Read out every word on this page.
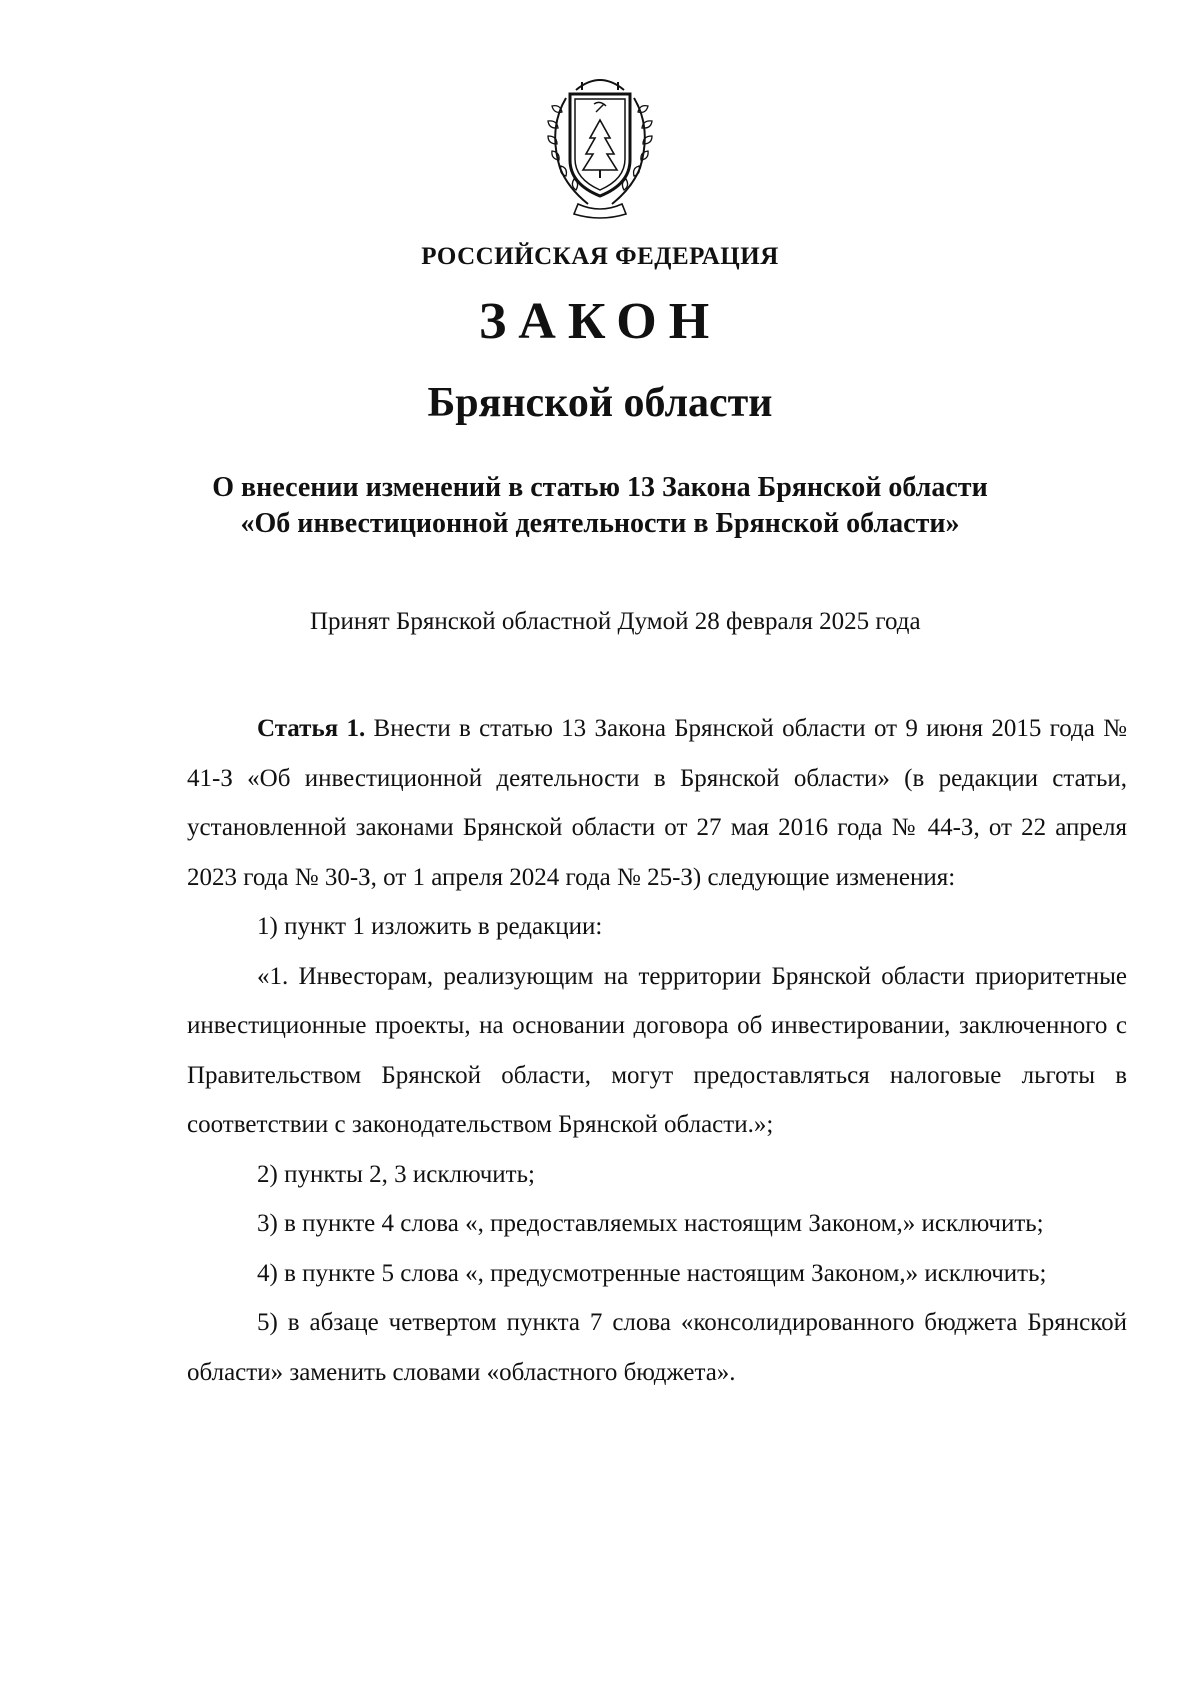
РОССИЙСКАЯ ФЕДЕРАЦИЯ
ЗАКОН
Брянской области
О внесении изменений в статью 13 Закона Брянской области
«Об инвестиционной деятельности в Брянской области»
Принят Брянской областной Думой 28 февраля 2025 года

Статья 1. Внести в статью 13 Закона Брянской области от 9 июня 2015 года № 41-З «Об инвестиционной деятельности в Брянской области» (в редакции статьи, установленной законами Брянской области от 27 мая 2016 года № 44-З, от 22 апреля 2023 года № 30-З, от 1 апреля 2024 года № 25-З) следующие изменения:

1) пункт 1 изложить в редакции:

«1. Инвесторам, реализующим на территории Брянской области приоритетные инвестиционные проекты, на основании договора об инвестировании, заключенного с Правительством Брянской области, могут предоставляться налоговые льготы в соответствии с законодательством Брянской области.»;

2) пункты 2, 3 исключить;

3) в пункте 4 слова «, предоставляемых настоящим Законом,» исключить;

4) в пункте 5 слова «, предусмотренные настоящим Законом,» исключить;

5) в абзаце четвертом пункта 7 слова «консолидированного бюджета Брянской области» заменить словами «областного бюджета».
